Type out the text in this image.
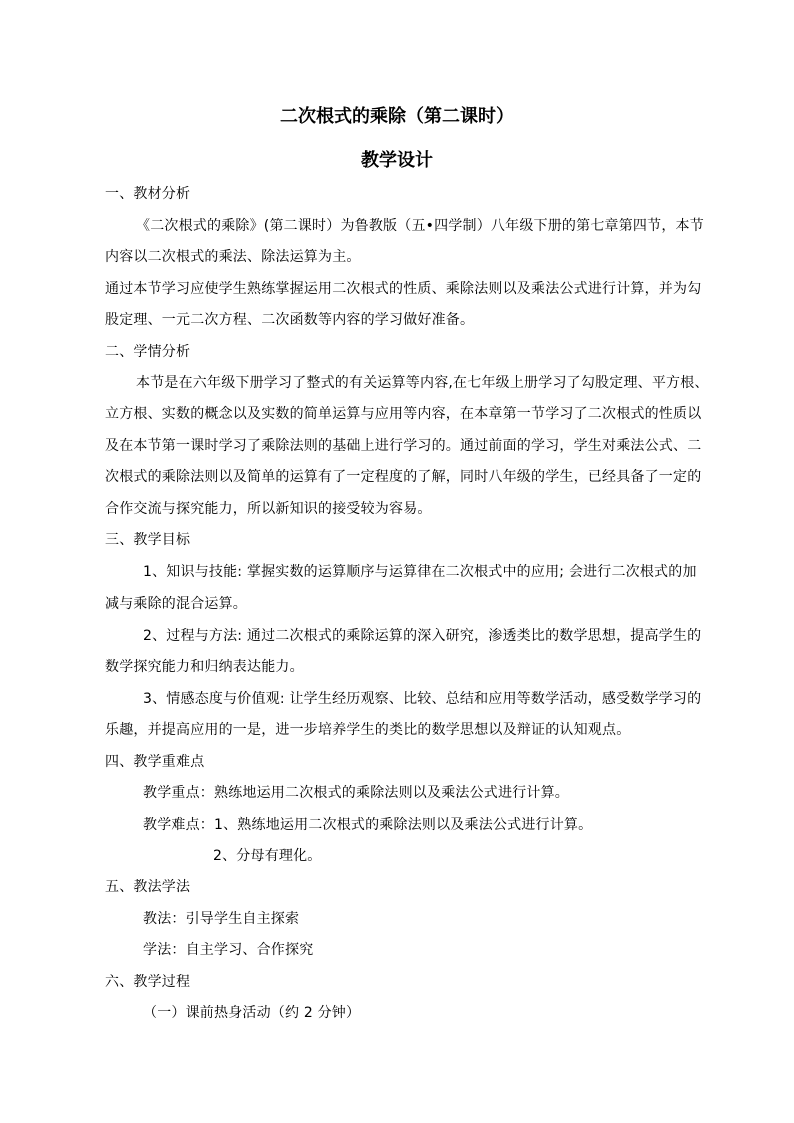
二次根式的乘除（第二课时）
教学设计
一、教材分析
《二次根式的乘除》(第二课时）为鲁教版（五•四学制）八年级下册的第七章第四节，本节
内容以二次根式的乘法、除法运算为主。
通过本节学习应使学生熟练掌握运用二次根式的性质、乘除法则以及乘法公式进行计算，并为勾
股定理、一元二次方程、二次函数等内容的学习做好准备。
二、学情分析
本节是在六年级下册学习了整式的有关运算等内容,在七年级上册学习了勾股定理、平方根、
立方根、实数的概念以及实数的简单运算与应用等内容，在本章第一节学习了二次根式的性质以
及在本节第一课时学习了乘除法则的基础上进行学习的。通过前面的学习，学生对乘法公式、二
次根式的乘除法则以及简单的运算有了一定程度的了解，同时八年级的学生，已经具备了一定的
合作交流与探究能力，所以新知识的接受较为容易。
三、教学目标
1、知识与技能: 掌握实数的运算顺序与运算律在二次根式中的应用; 会进行二次根式的加
减与乘除的混合运算。
2、过程与方法: 通过二次根式的乘除运算的深入研究，渗透类比的数学思想，提高学生的
数学探究能力和归纳表达能力。
3、情感态度与价值观: 让学生经历观察、比较、总结和应用等数学活动，感受数学学习的
乐趣，并提高应用的一是，进一步培养学生的类比的数学思想以及辩证的认知观点。
四、教学重难点
教学重点：熟练地运用二次根式的乘除法则以及乘法公式进行计算。
教学难点：1、熟练地运用二次根式的乘除法则以及乘法公式进行计算。
2、分母有理化。
五、教法学法
教法：引导学生自主探索
学法：自主学习、合作探究
六、教学过程
（一）课前热身活动（约 2 分钟）
